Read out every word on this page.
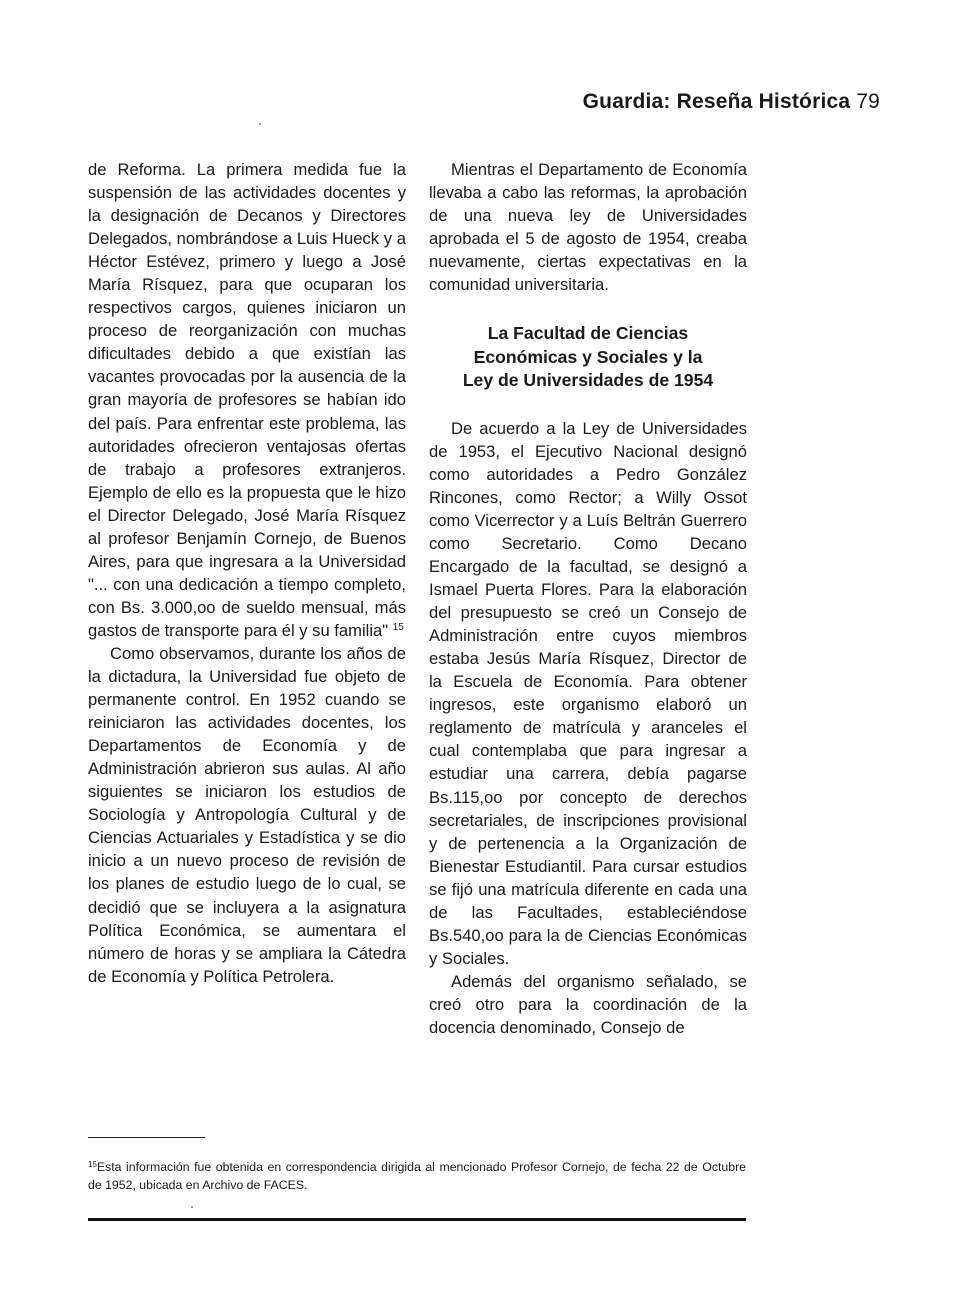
Guardia: Reseña Histórica 79

de Reforma. La primera medida fue la suspensión de las actividades docentes y la designación de Decanos y Directores Delegados, nombrándose a Luis Hueck y a Héctor Estévez, primero y luego a José María Rísquez, para que ocuparan los respectivos cargos, quienes iniciaron un proceso de reorganización con muchas dificultades debido a que existían las vacantes provocadas por la ausencia de la gran mayoría de profesores se habían ido del país. Para enfrentar este problema, las autoridades ofrecieron ventajosas ofertas de trabajo a profesores extranjeros. Ejemplo de ello es la propuesta que le hizo el Director Delegado, José María Rísquez al profesor Benjamín Cornejo, de Buenos Aires, para que ingresara a la Universidad "... con una dedicación a tiempo completo, con Bs. 3.000,oo de sueldo mensual, más gastos de transporte para él y su familia" $^{15}$

Como observamos, durante los años de la dictadura, la Universidad fue objeto de permanente control. En 1952 cuando se reiniciaron las actividades docentes, los Departamentos de Economía y de Administración abrieron sus aulas. Al año siguientes se iniciaron los estudios de Sociología y Antropología Cultural y de Ciencias Actuariales y Estadística y se dio inicio a un nuevo proceso de revisión de los planes de estudio luego de lo cual, se decidió que se incluyera a la asignatura Política Económica, se aumentara el número de horas y se ampliara la Cátedra de Economía y Política Petrolera.

Mientras el Departamento de Economía llevaba a cabo las reformas, la aprobación de una nueva ley de Universidades aprobada el 5 de agosto de 1954, creaba nuevamente, ciertas expectativas en la comunidad universitaria.

La Facultad de Ciencias
Económicas y Sociales y la
Ley de Universidades de 1954

De acuerdo a la Ley de Universidades de 1953, el Ejecutivo Nacional designó como autoridades a Pedro González Rincones, como Rector; a Willy Ossot como Vicerrector y a Luís Beltrán Guerrero como Secretario. Como Decano Encargado de la facultad, se designó a Ismael Puerta Flores. Para la elaboración del presupuesto se creó un Consejo de Administración entre cuyos miembros estaba Jesús María Rísquez, Director de la Escuela de Economía. Para obtener ingresos, este organismo elaboró un reglamento de matrícula y aranceles el cual contemplaba que para ingresar a estudiar una carrera, debía pagarse Bs.115,oo por concepto de derechos secretariales, de inscripciones provisional y de pertenencia a la Organización de Bienestar Estudiantil. Para cursar estudios se fijó una matrícula diferente en cada una de las Facultades, estableciéndose Bs.540,oo para la de Ciencias Económicas y Sociales.

Además del organismo señalado, se creó otro para la coordinación de la docencia denominado, Consejo de

$^{15}$Esta información fue obtenida en correspondencia dirigida al mencionado Profesor Cornejo, de fecha 22 de Octubre de 1952, ubicada en Archivo de FACES.
